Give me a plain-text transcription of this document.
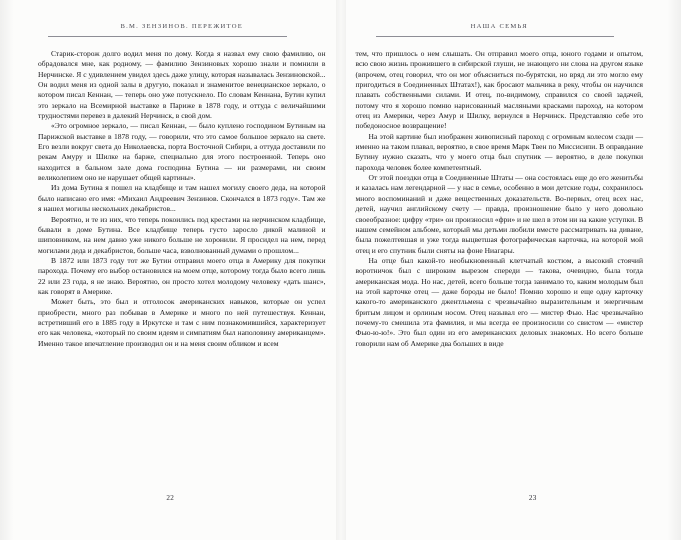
В.М. ЗЕНЗИНОВ. ПЕРЕЖИТОЕ

Старик-сторож долго водил меня по дому. Когда я назвал ему свою фамилию, он обрадовался мне, как родному, — фамилию Зензиновых хорошо знали и помнили в Нерчинске. Я с удивлением увидел здесь даже улицу, которая называлась Зензиновской... Он водил меня из одной залы в другую, показал и знаменитое венецианское зеркало, о котором писал Кеннан, — теперь оно уже потускнело. По словам Кеннана, Бутин купил это зеркало на Всемирной выставке в Париже в 1878 году, и оттуда с величайшими трудностями перевез в далекий Нерчинск, в свой дом.

«Это огромное зеркало, — писал Кеннан, — было куплено господином Бутиным на Парижской выставке в 1878 году, — говорили, что это самое большое зеркало на свете. Его везли вокруг света до Николаевска, порта Восточной Сибири, а оттуда доставили по рекам Амуру и Шилке на барже, специально для этого построенной. Теперь оно находится в бальном зале дома господина Бутина — ни размерами, ни своим великолепием оно не нарушает общей картины».

Из дома Бутина я пошел на кладбище и там нашел могилу своего деда, на которой было написано его имя: «Михаил Андреевич Зензинов. Скончался в 1873 году». Там же я нашел могилы нескольких декабристов...

Вероятно, и те из них, что теперь покоились под крестами на нерчинском кладбище, бывали в доме Бутина. Все кладбище теперь густо заросло дикой малиной и шиповником, на нем давно уже никого больше не хоронили. Я просидел на нем, перед могилами деда и декабристов, больше часа, взволнованный думами о прошлом...

В 1872 или 1873 году тот же Бутин отправил моего отца в Америку для покупки парохода. Почему его выбор остановился на моем отце, которому тогда было всего лишь 22 или 23 года, я не знаю. Вероятно, он просто хотел молодому человеку «дать шанс», как говорят в Америке.

Может быть, это был и отголосок американских навыков, которые он успел приобрести, много раз побывав в Америке и много по ней путешествуя. Кеннан, встретивший его в 1885 году в Иркутске и там с ним познакомившийся, характеризует его как человека, «который по своим идеям и симпатиям был наполовину американцем». Именно такое впечатление производил он и на меня своим обликом и всем

22
НАША СЕМЬЯ

тем, что пришлось о нем слышать. Он отправил моего отца, юного годами и опытом, всю свою жизнь прожившего в сибирской глуши, не знающего ни слова на другом языке (впрочем, отец говорил, что он мог объясниться по-бурятски, но вряд ли это могло ему пригодиться в Соединенных Штатах!), как бросают мальчика в реку, чтобы он научился плавать собственными силами. И отец, по-видимому, справился со своей задачей, потому что я хорошо помню нарисованный масляными красками пароход, на котором отец из Америки, через Амур и Шилку, вернулся в Нерчинск. Представляю себе это победоносное возвращение!

На этой картине был изображен живописный пароход с огромным колесом сзади — именно на таком плавал, вероятно, в свое время Марк Твен по Миссисипи. В оправдание Бутину нужно сказать, что у моего отца был спутник — вероятно, в деле покупки парохода человек более компетентный.

От этой поездки отца в Соединенные Штаты — она состоялась еще до его женитьбы и казалась нам легендарной — у нас в семье, особенно в мои детские годы, сохранилось много воспоминаний и даже вещественных доказательств. Во-первых, отец всех нас, детей, научил английскому счету — правда, произношение было у него довольно своеобразное: цифру «три» он произносил «фри» и не шел в этом ни на какие уступки. В нашем семейном альбоме, который мы детьми любили вместе рассматривать на диване, была пожелтевшая и уже тогда выцветшая фотографическая карточка, на которой мой отец и его спутник были сняты на фоне Ниагары.

На отце был какой-то необыкновенный клетчатый костюм, а высокий стоячий воротничок был с широким вырезом спереди — такова, очевидно, была тогда американская мода. Но нас, детей, всего больше тогда занимало то, каким молодым был на этой карточке отец — даже бороды не было! Помню хорошо и еще одну карточку какого-то американского джентльмена с чрезвычайно выразительным и энергичным бритым лицом и орлиным носом. Отец называл его — мистер Фью. Нас чрезвычайно почему-то смешила эта фамилия, и мы всегда ее произносили со свистом — «мистер Фью-ю-ю!». Это был один из его американских деловых знакомых. Но всего больше говорили нам об Америке два больших в виде

23
